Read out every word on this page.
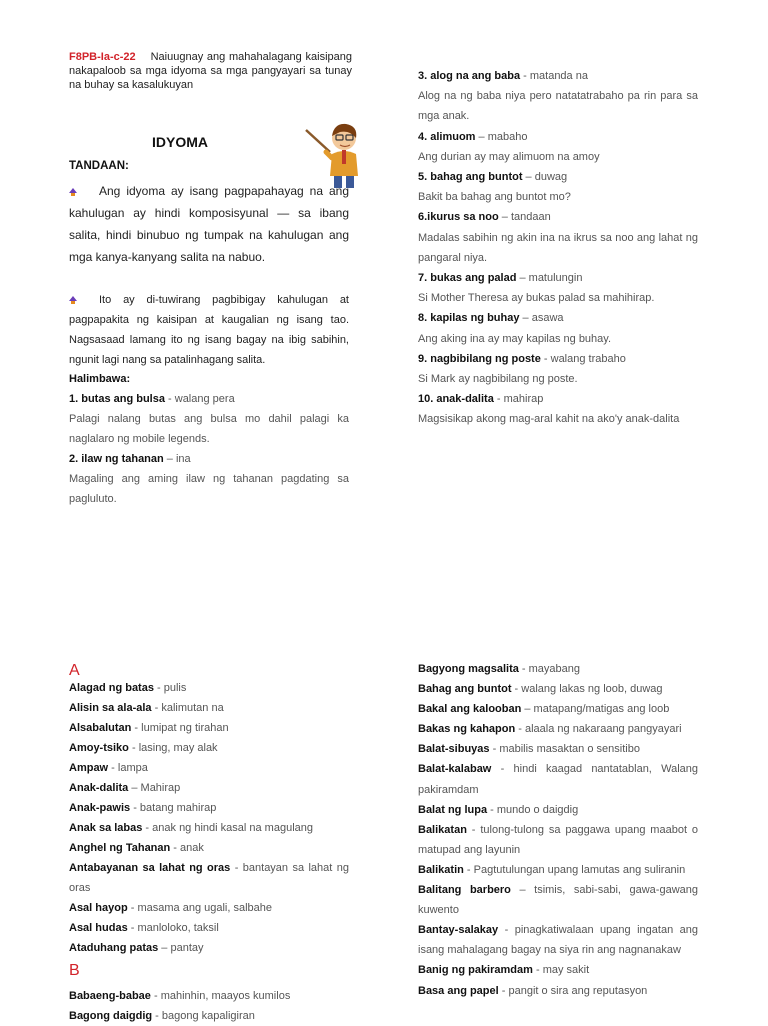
F8PB-Ia-c-22 Naiuugnay ang mahahalagang kaisipang nakapaloob sa mga idyoma sa mga pangyayari sa tunay na buhay sa kasalukuyan
IDYOMA
TANDAAN:
Ang idyoma ay isang pagpapahayag na ang kahulugan ay hindi komposisyunal — sa ibang salita, hindi binubuo ng tumpak na kahulugan ang mga kanya-kanyang salita na nabuo.
Ito ay di-tuwirang pagbibigay kahulugan at pagpapakita ng kaisipan at kaugalian ng isang tao. Nagsasaad lamang ito ng isang bagay na ibig sabihin, ngunit lagi nang sa patalinhagang salita.
Halimbawa:
1. butas ang bulsa - walang pera
Palagi nalang butas ang bulsa mo dahil palagi ka naglalaro ng mobile legends.
2. ilaw ng tahanan – ina
Magaling ang aming ilaw ng tahanan pagdating sa pagluluto.
3. alog na ang baba - matanda na
Alog na ng baba niya pero natatatrabaho pa rin para sa mga anak.
4. alimuom – mabaho
Ang durian ay may alimuom na amoy
5. bahag ang buntot – duwag
Bakit ba bahag ang buntot mo?
6.ikurus sa noo – tandaan
Madalas sabihin ng akin ina na ikrus sa noo ang lahat ng pangaral niya.
7. bukas ang palad – matulungin
Si Mother Theresa ay bukas palad sa mahihirap.
8. kapilas ng buhay – asawa
Ang aking ina ay may kapilas ng buhay.
9. nagbibilang ng poste - walang trabaho
Si Mark ay nagbibilang ng poste.
10. anak-dalita - mahirap
Magsisikap akong mag-aral kahit na ako'y anak-dalita
A
Alagad ng batas - pulis
Alisin sa ala-ala - kalimutan na
Alsabalutan - lumipat ng tirahan
Amoy-tsiko - lasing, may alak
Ampaw - lampa
Anak-dalita – Mahirap
Anak-pawis - batang mahirap
Anak sa labas - anak ng hindi kasal na magulang
Anghel ng Tahanan - anak
Antabayanan sa lahat ng oras - bantayan sa lahat ng oras
Asal hayop - masama ang ugali, salbahe
Asal hudas - manloloko, taksil
Ataduhang patas – pantay
B
Babaeng-babae - mahinhin, maayos kumilos
Bagong daigdig - bagong kapaligiran
Bagyong magsalita - mayabang
Bahag ang buntot - walang lakas ng loob, duwag
Bakal ang kalooban – matapang/matigas ang loob
Bakas ng kahapon - alaala ng nakaraang pangyayari
Balat-sibuyas - mabilis masaktan o sensitibo
Balat-kalabaw - hindi kaagad nantatablan, Walang pakiramdam
Balat ng lupa - mundo o daigdig
Balikatan - tulong-tulong sa paggawa upang maabot o matupad ang layunin
Balikatin - Pagtutulungan upang lamutas ang suliranin
Balitang barbero – tsimis, sabi-sabi, gawa-gawang kuwento
Bantay-salakay - pinagkatiwalaan upang ingatan ang isang mahalagang bagay na siya rin ang nagnanakaw
Banig ng pakiramdam - may sakit
Basa ang papel - pangit o sira ang reputasyon
